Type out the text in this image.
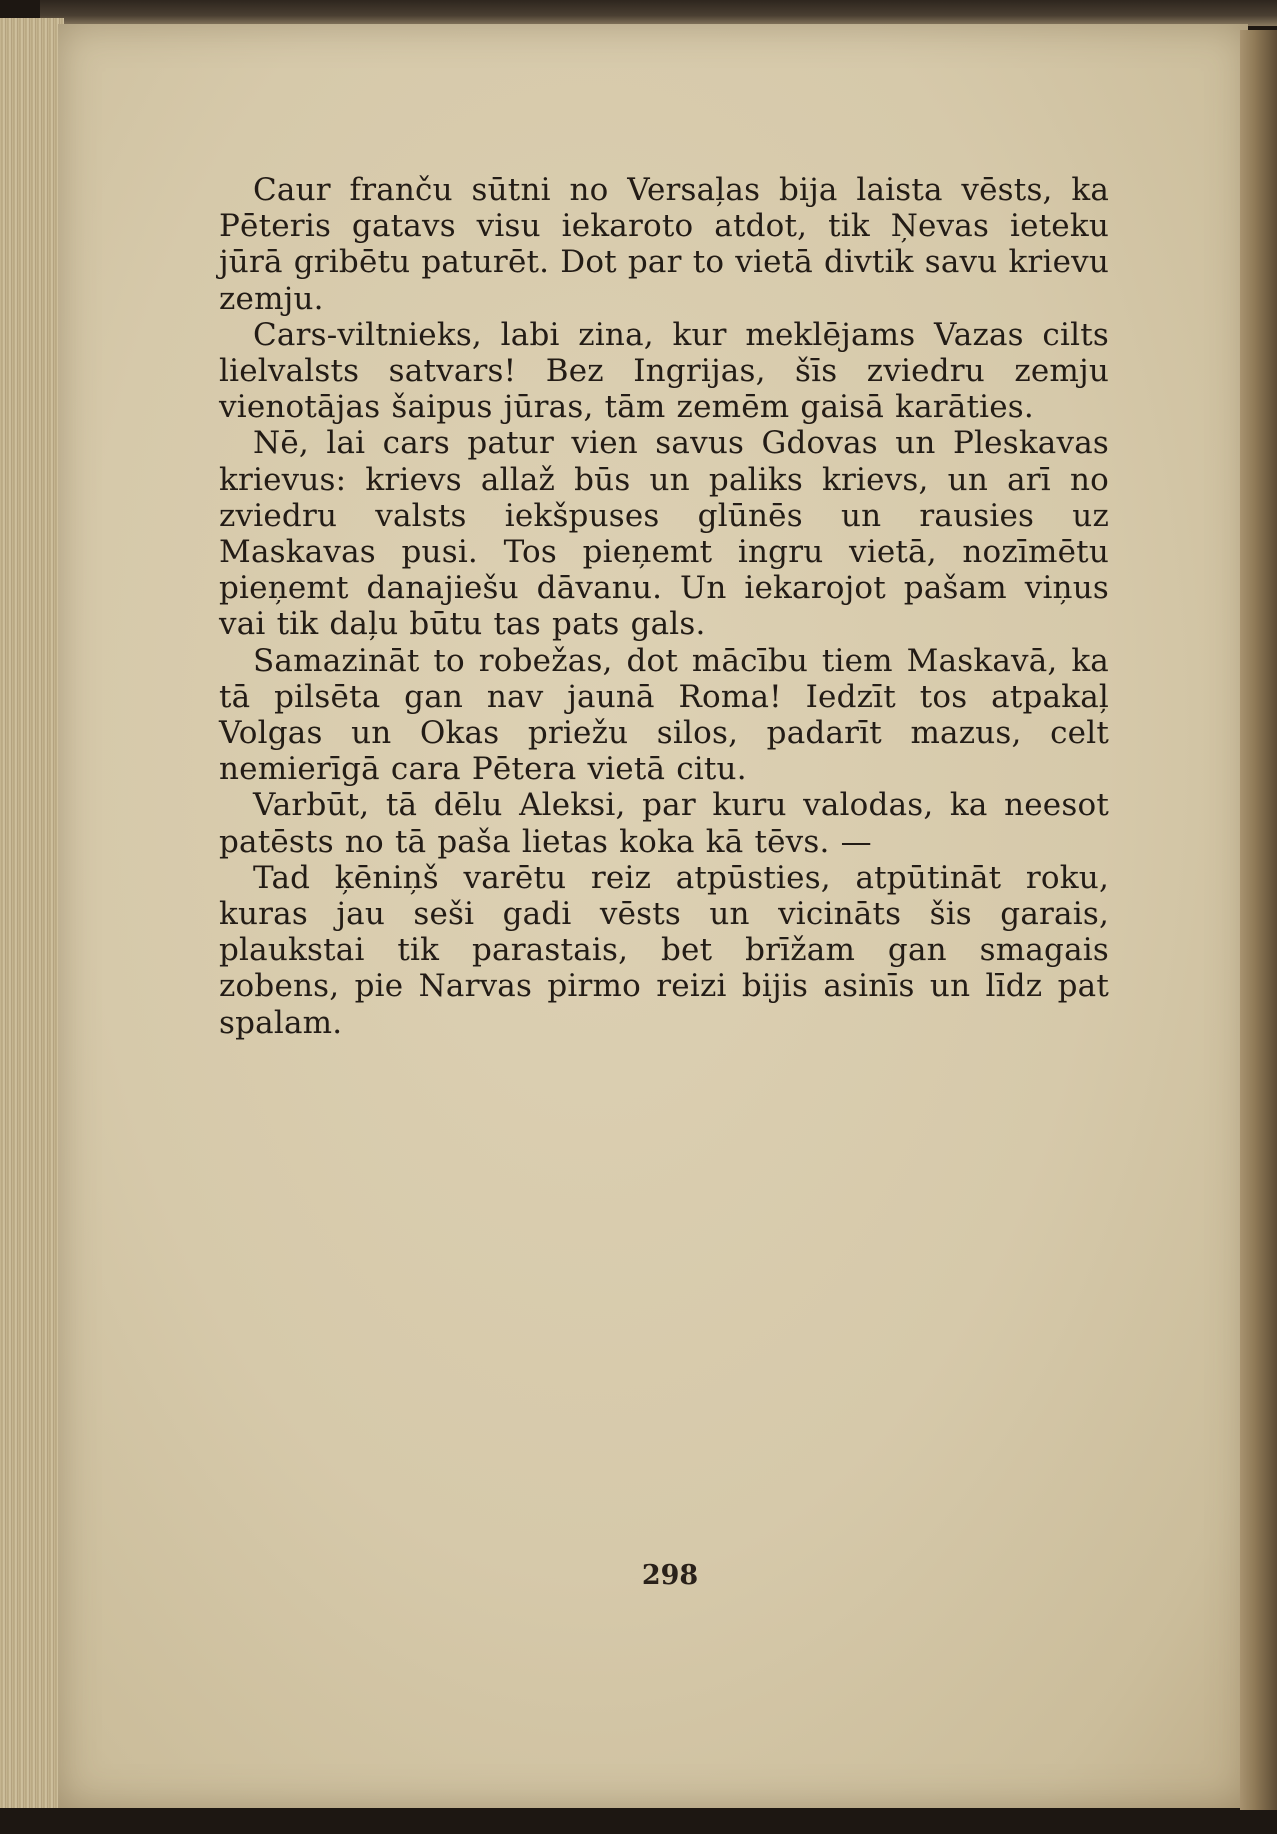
Caur franču sūtni no Versaļas bija laista vēsts, ka Pēteris gatavs visu iekaroto atdot, tik Ņevas ieteku jūrā gribētu paturēt. Dot par to vietā divtik savu krievu zemju.

Cars-viltnieks, labi zina, kur meklējams Vazas cilts lielvalsts satvars! Bez Ingrijas, šīs zviedru zemju vienotājas šaipus jūras, tām zemēm gaisā karāties.

Nē, lai cars patur vien savus Gdovas un Pleskavas krievus: krievs allaž būs un paliks krievs, un arī no zviedru valsts iekšpuses glūnēs un rausies uz Maskavas pusi. Tos pieņemt ingru vietā, nozīmētu pieņemt danajiešu dāvanu. Un iekarojot pašam viņus vai tik daļu būtu tas pats gals.

Samazināt to robežas, dot mācību tiem Maskavā, ka tā pilsēta gan nav jaunā Roma! Iedzīt tos atpakaļ Volgas un Okas priežu silos, padarīt mazus, celt nemierīgā cara Pētera vietā citu.

Varbūt, tā dēlu Aleksi, par kuru valodas, ka neesot patēsts no tā paša lietas koka kā tēvs. —

Tad ķēniņš varētu reiz atpūsties, atpūtināt roku, kuras jau seši gadi vēsts un vicināts šis garais, plaukstai tik parastais, bet brīžam gan smagais zobens, pie Narvas pirmo reizi bijis asinīs un līdz pat spalam.

298
